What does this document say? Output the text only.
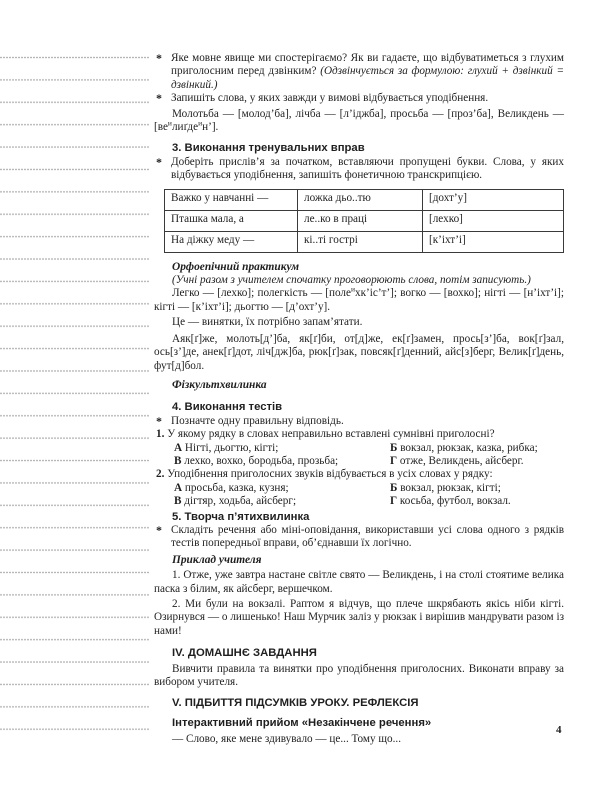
* Яке мовне явище ми спостерігаємо? Як ви гадаєте, що відбуватиметься з глухим приголосним перед дзвінким? (Одзвінчується за формулою: глухий + дзвінкий = дзвінкий.)
* Запишіть слова, у яких завжди у вимові відбувається уподібнення.

Молотьба — [молод’ба], лічба — [л’іджба], просьба — [проз’ба], Великдень — $[ве^илиґде^ин’]$.

3. Виконання тренувальних вправ

* Доберіть прислів’я за початком, вставляючи пропущені букви. Слова, у яких відбувається уподібнення, запишіть фонетичною транскрипцією.
Важко у навчанні —	ложка дьо..тю	[дохт’у]
Пташка мала, а	ле..ко в праці	[лехко]
На діжку меду —	кі..ті гострі	[к’іхт’і]

Орфоепічний практикум

(Учні разом з учителем спочатку проговорюють слова, потім записують.)

Легко — [лехко]; полегкість — [поле$^и$хк’іс’т’]; вогко — [вохко]; нігті — [н’іхт’і]; кігті — [к’іхт’і]; дьогтю — [д’охт’у].

Це — винятки, їх потрібно запам’ятати.

Аяк[ґ]же, молоть[д’]ба, як[ґ]би, от[д]же, ек[ґ]замен, прось[з’]ба, вок[ґ]зал, ось[з’]де, анек[ґ]дот, ліч[дж]ба, рюк[ґ]зак, повсяк[ґ]денний, айс[з]берг, Велик[ґ]день, фут[д]бол.

Фізкультхвилинка

4. Виконання тестів

* Позначте одну правильну відповідь.

1. У якому рядку в словах неправильно вставлені сумнівні приголосні?

А Нігті, дьогтю, кігті;	Б вокзал, рюкзак, казка, рибка;
В лехко, вохко, бородьба, прозьба;	Г отже, Великдень, айсберг.

2. Уподібнення приголосних звуків відбувається в усіх словах у рядку:

А просьба, казка, кузня;	Б вокзал, рюкзак, кігті;
В дігтяр, ходьба, айсберг;	Г косьба, футбол, вокзал.

5. Творча п’ятихвилинка

* Складіть речення або міні-оповідання, використавши усі слова одного з рядків тестів попередньої вправи, об’єднавши їх логічно.

Приклад учителя

1. Отже, уже завтра настане світле свято — Великдень, і на столі стоятиме велика паска з білим, як айсберг, вершечком.

2. Ми були на вокзалі. Раптом я відчув, що плече шкрябають якісь ніби кігті. Озирнувся — о лишенько! Наш Мурчик заліз у рюкзак і вирішив мандрувати разом із нами!

IV. ДОМАШНЄ ЗАВДАННЯ

Вивчити правила та винятки про уподібнення приголосних. Виконати вправу за вибором учителя.

V. ПІДБИТТЯ ПІДСУМКІВ УРОКУ. РЕФЛЕКСІЯ

Інтерактивний прийом «Незакінчене речення»

— Слово, яке мене здивувало — це... Тому що...

4
